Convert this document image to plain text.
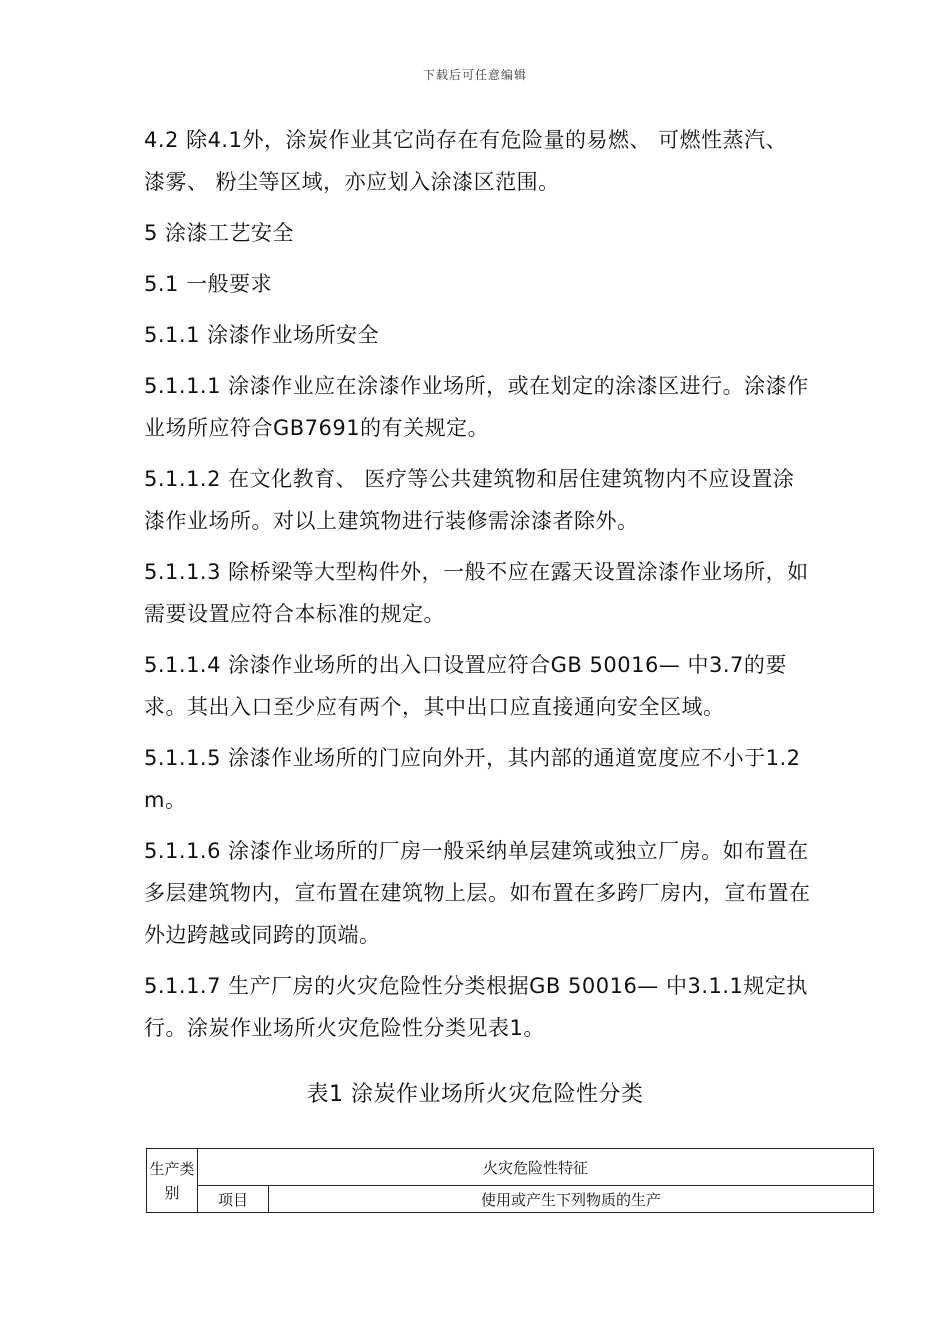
下载后可任意编辑

4.2 除4.1外，涂炭作业其它尚存在有危险量的易燃、 可燃性蒸汽、 漆雾、 粉尘等区域，亦应划入涂漆区范围。

5 涂漆工艺安全

5.1 一般要求

5.1.1 涂漆作业场所安全

5.1.1.1 涂漆作业应在涂漆作业场所，或在划定的涂漆区进行。涂漆作业场所应符合GB7691的有关规定。

5.1.1.2 在文化教育、 医疗等公共建筑物和居住建筑物内不应设置涂漆作业场所。对以上建筑物进行装修需涂漆者除外。

5.1.1.3 除桥梁等大型构件外，一般不应在露天设置涂漆作业场所，如需要设置应符合本标准的规定。

5.1.1.4 涂漆作业场所的出入口设置应符合GB 50016— 中3.7的要求。其出入口至少应有两个，其中出口应直接通向安全区域。

5.1.1.5 涂漆作业场所的门应向外开，其内部的通道宽度应不小于1.2m。

5.1.1.6 涂漆作业场所的厂房一般采纳单层建筑或独立厂房。如布置在多层建筑物内，宣布置在建筑物上层。如布置在多跨厂房内，宣布置在外边跨越或同跨的顶端。

5.1.1.7 生产厂房的火灾危险性分类根据GB 50016— 中3.1.1规定执行。涂炭作业场所火灾危险性分类见表1。

表1 涂炭作业场所火灾危险性分类
生产类别	火灾危险性特征	
	项目	使用或产生下列物质的生产
